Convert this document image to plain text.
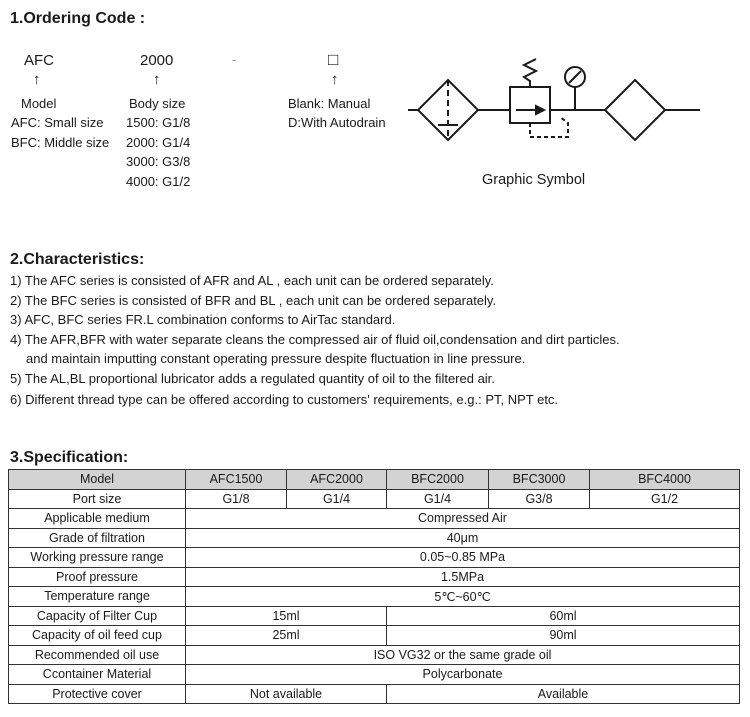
1.Ordering Code :
AFC	2000	-	□
↑	↑	↑
Model
AFC: Small size
BFC: Middle size
Body size
1500: G1/8
2000: G1/4
3000: G3/8
4000: G1/2
Blank: Manual
D:With Autodrain
Graphic Symbol
2.Characteristics:
1) The AFC series is consisted of AFR and AL , each unit can be ordered separately.
2) The BFC series is consisted of BFR and BL , each unit can be ordered separately.
3) AFC, BFC series FR.L combination conforms to AirTac standard.
4) The AFR,BFR with water separate cleans the compressed air of fluid oil,condensation and dirt particles.
and maintain imputting constant operating pressure despite fluctuation in line pressure.
5) The AL,BL proportional lubricator adds a regulated quantity of oil to the filtered air.
6) Different thread type can be offered according to customers' requirements, e.g.: PT, NPT etc.
3.Specification:
Model	AFC1500	AFC2000	BFC2000	BFC3000	BFC4000
Port size	G1/8	G1/4	G1/4	G3/8	G1/2
Applicable medium	Compressed Air				
Grade of filtration	40μm				
Working pressure range	0.05~0.85 MPa				
Proof pressure	1.5MPa				
Temperature range	5℃~60℃				
Capacity of Filter Cup	15ml		60ml		
Capacity of oil feed cup	25ml		90ml		
Recommended oil use	ISO VG32 or the same grade oil				
Ccontainer Material	Polycarbonate				
Protective cover	Not available		Available		
